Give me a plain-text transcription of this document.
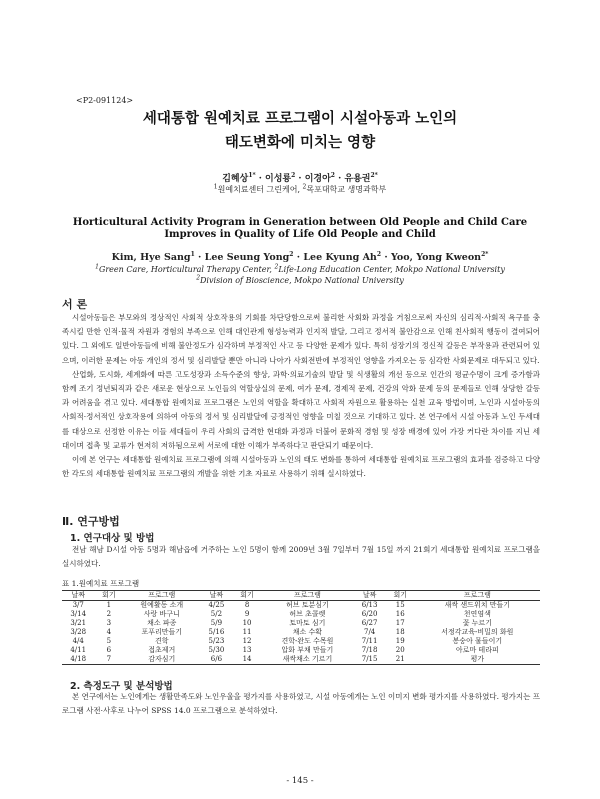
<P2-091124>
세대통합 원예치료 프로그램이 시설아동과 노인의
태도변화에 미치는 영향
김혜상$^{1*}$ · 이성룡$^2$ · 이경아$^2$ · 유용권$^{2*}$
$^1$원예치료센터 그린케어, $^2$목포대학교 생명과학부
Horticultural Activity Program in Generation between Old People and Child Care
Improves in Quality of Life Old People and Child
Kim, Hye Sang$^1$ · Lee Seung Yong$^2$ · Lee Kyung $Ah^2$ · Yoo, Yong Kweon$^{2*}$
$^1$Green Care, Horticultural Therapy Center, $^2$Life-Long Education Center, Mokpo National University
$^2$Division of Bioscience, Mokpo National University
서 론

시설아동들은 부모와의 정상적인 사회적 상호작용의 기회를 차단당함으로써 불리한 사회화 과정을 거침으로써 자신의 심리적·사회적 욕구를 충족시킬 만한 인적·물적 자원과 경험의 부족으로 인해 대인관계 형성능력과 인지적 발달, 그리고 정서적 불안감으로 인해 친사회적 행동이 결여되어 있다. 그 외에도 일반아동들에 비해 불안정도가 심각하며 부정적인 사고 등 다양한 문제가 있다. 특히 성장기의 정신적 갈등은 부작용과 관련되어 있으며, 이러한 문제는 아동 개인의 정서 및 심리발달 뿐만 아니라 나아가 사회전반에 부정적인 영향을 가져오는 등 심각한 사회문제로 대두되고 있다.

산업화, 도시화, 세계화에 따른 고도성장과 소득수준의 향상, 과학·의료기술의 발달 및 식생활의 개선 등으로 인간의 평균수명이 크게 증가함과 함께 조기 정년퇴직과 같은 새로운 현상으로 노인들의 역할상실의 문제, 여가 문제, 경제적 문제, 건강의 악화 문제 등의 문제들로 인해 상당한 갈등과 어려움을 겪고 있다. 세대통합 원예치료 프로그램은 노인의 역할을 확대하고 사회적 자원으로 활용하는 실천 교육 방법이며, 노인과 시설아동의 사회적·정서적인 상호작용에 의하여 아동의 정서 및 심리발달에 긍정적인 영향을 미칠 것으로 기대하고 있다. 본 연구에서 시설 아동과 노인 두세대를 대상으로 선정한 이유는 이들 세대들이 우리 사회의 급격한 현대화 과정과 더불어 문화적 경험 및 성장 배경에 있어 가장 커다란 차이를 지닌 세대이며 접촉 및 교류가 현저히 저하됨으로써 서로에 대한 이해가 부족하다고 판단되기 때문이다.

이에 본 연구는 세대통합 원예치료 프로그램에 의해 시설아동과 노인의 태도 변화를 통하여 세대통합 원예치료 프로그램의 효과를 검증하고 다양한 각도의 세대통합 원예치료 프로그램의 개발을 위한 기초 자료로 사용하기 위해 실시하였다.

Ⅱ. 연구방법
1. 연구대상 및 방법

전남 해남 D시설 아동 5명과 해남읍에 거주하는 노인 5명이 함께 2009년 3월 7일부터 7월 15일 까지 21회기 세대통합 원예치료 프로그램을 실시하였다.

표 1.원예치료 프로그램
날짜	회기	프로그램	날짜	회기	프로그램	날짜	회기	프로그램
3/7	1	원예활동 소개	4/25	8	허브 토분심기	6/13	15	새싹 샌드위치 만들기
3/14	2	사랑 바구니	5/2	9	허브 초콜렛	6/20	16	천연염색
3/21	3	채소 파종	5/9	10	토마토 심기	6/27	17	꽃 누르기
3/28	4	포푸리만들기	5/16	11	채소 수확	7/4	18	서정각교육-비밀의 화원
4/4	5	견학	5/23	12	견학-완도 수목원	7/11	19	봉숭아 물들이기
4/11	6	접초제거	5/30	13	압화 부채 만들기	7/18	20	아로마 테라피
4/18	7	감자심기	6/6	14	새싹채소 기르기	7/15	21	평가
2. 측정도구 및 분석방법

본 연구에서는 노인에게는 생활만족도와 노인우울을 평가지를 사용하였고, 시설 아동에게는 노인 이미지 변화 평가지를 사용하였다. 평가지는 프로그램 사전·사후로 나누어 SPSS 14.0 프로그램으로 분석하였다.

- 145 -
